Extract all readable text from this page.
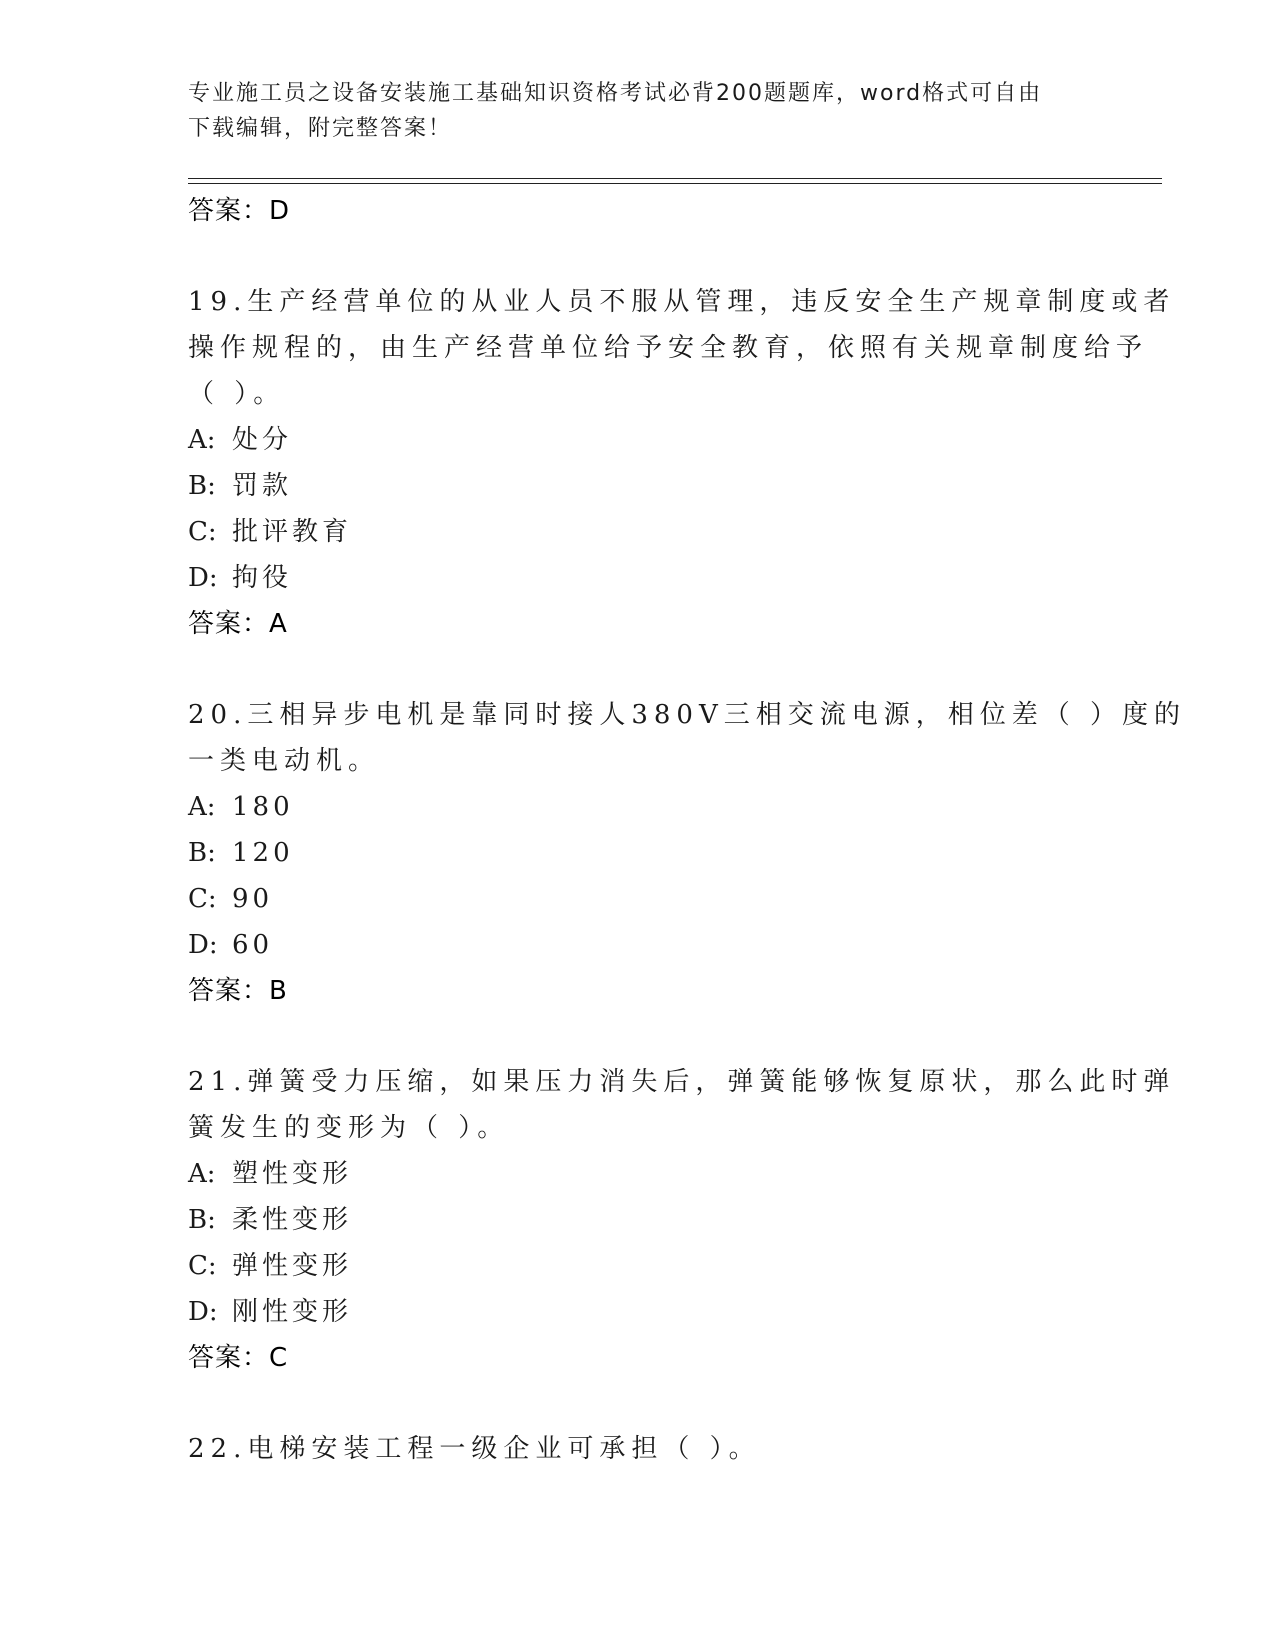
专业施工员之设备安装施工基础知识资格考试必背200题题库，word格式可自由
下载编辑，附完整答案！
答案：D
19.生产经营单位的从业人员不服从管理，违反安全生产规章制度或者
操作规程的，由生产经营单位给予安全教育，依照有关规章制度给予
（ ）。
A: 处分
B: 罚款
C: 批评教育
D: 拘役
答案：A
20.三相异步电机是靠同时接人380V三相交流电源，相位差（ ）度的
一类电动机。
A: 180
B: 120
C: 90
D: 60
答案：B
21.弹簧受力压缩，如果压力消失后，弹簧能够恢复原状，那么此时弹
簧发生的变形为（ ）。
A: 塑性变形
B: 柔性变形
C: 弹性变形
D: 刚性变形
答案：C
22.电梯安装工程一级企业可承担（ ）。
